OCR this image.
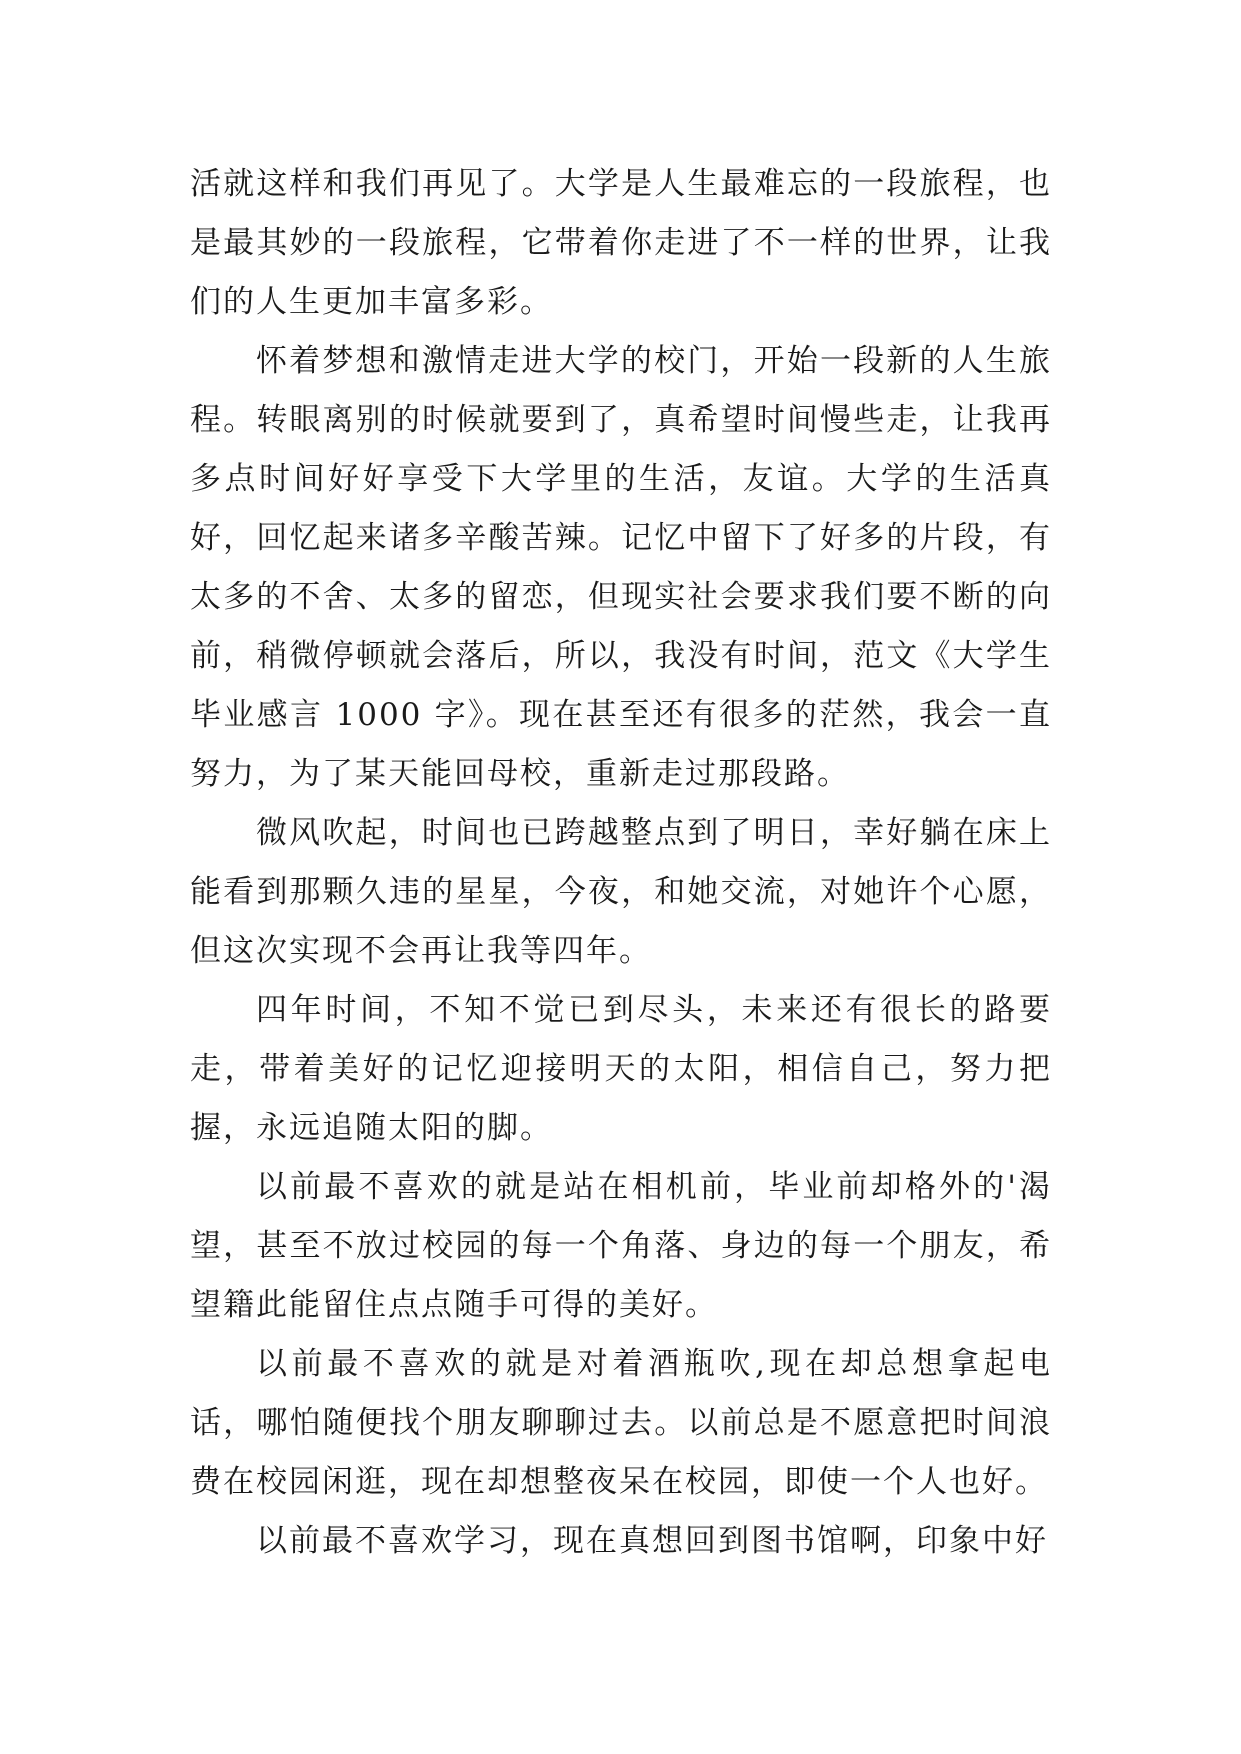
活就这样和我们再见了。大学是人生最难忘的一段旅程，也是最其妙的一段旅程，它带着你走进了不一样的世界，让我们的人生更加丰富多彩。

怀着梦想和激情走进大学的校门，开始一段新的人生旅程。转眼离别的时候就要到了，真希望时间慢些走，让我再多点时间好好享受下大学里的生活，友谊。大学的生活真好，回忆起来诸多辛酸苦辣。记忆中留下了好多的片段，有太多的不舍、太多的留恋，但现实社会要求我们要不断的向前，稍微停顿就会落后，所以，我没有时间，范文《大学生毕业感言 1000 字》。现在甚至还有很多的茫然，我会一直努力，为了某天能回母校，重新走过那段路。

微风吹起，时间也已跨越整点到了明日，幸好躺在床上能看到那颗久违的星星，今夜，和她交流，对她许个心愿，但这次实现不会再让我等四年。

四年时间，不知不觉已到尽头，未来还有很长的路要走，带着美好的记忆迎接明天的太阳，相信自己，努力把握，永远追随太阳的脚。

以前最不喜欢的就是站在相机前，毕业前却格外的'渴望，甚至不放过校园的每一个角落、身边的每一个朋友，希望籍此能留住点点随手可得的美好。

以前最不喜欢的就是对着酒瓶吹,现在却总想拿起电话，哪怕随便找个朋友聊聊过去。以前总是不愿意把时间浪费在校园闲逛，现在却想整夜呆在校园，即使一个人也好。

以前最不喜欢学习，现在真想回到图书馆啊，印象中好
